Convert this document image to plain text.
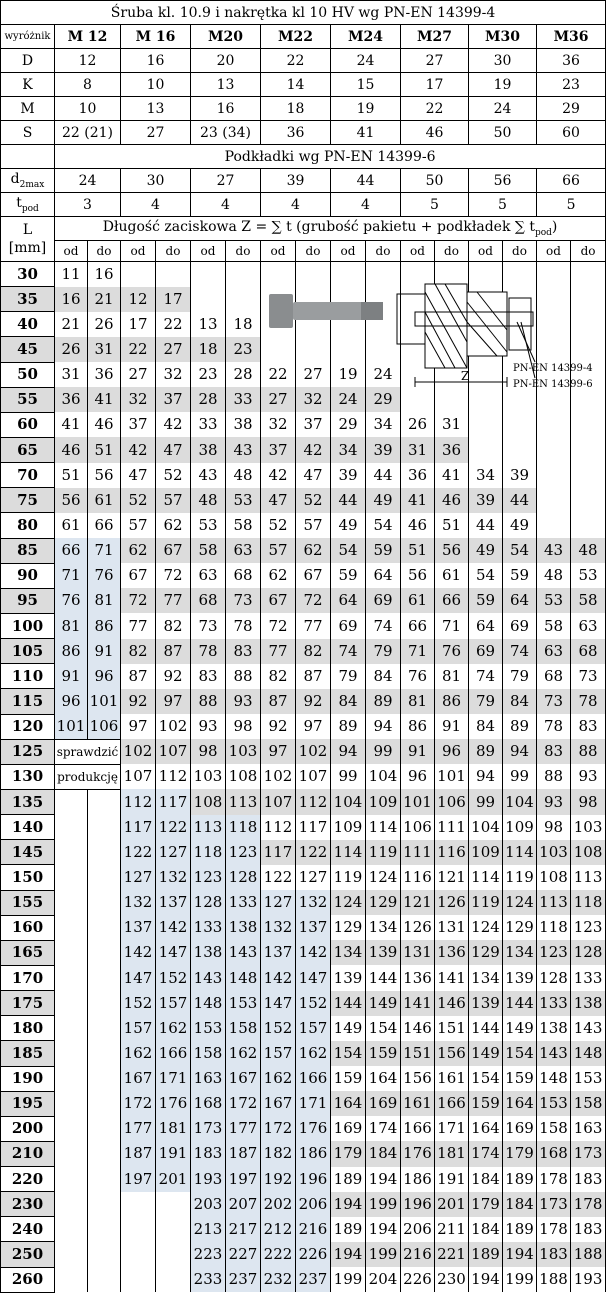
Śruba kl. 10.9 i nakrętka kl 10 HV wg PN-EN 14399-4																
wyróżnik	M 12		M 16		M20		M22		M24		M27		M30		M36	
D	12		16		20		22		24		27		30		36	
K	8		10		13		14		15		17		19		23	
M	10		13		16		18		19		22		24		29	
S	22 (21)		27		23 (34)		36		41		46		50		60	
	Podkładki wg PN-EN 14399-6															
$d_{2max}$	24		30		27		39		44		50		56		66	
$t_{pod}$	3		4		4		4		4		5		5		5	

L
[mm]	Długość zaciskowa Z = ∑ t (grubość pakietu + podkładek ∑ $t_{pod}$)															
	od	do	od	do	od	do	od	do	od	do	od	do	od	do	od	do
30	11	16														
35	16	21	12	17												
40	21	26	17	22	13	18										
45	26	31	22	27	18	23										
50	31	36	27	32	23	28	22	27	19	24						
55	36	41	32	37	28	33	27	32	24	29						
60	41	46	37	42	33	38	32	37	29	34	26	31				
65	46	51	42	47	38	43	37	42	34	39	31	36				
70	51	56	47	52	43	48	42	47	39	44	36	41	34	39		
75	56	61	52	57	48	53	47	52	44	49	41	46	39	44		
80	61	66	57	62	53	58	52	57	49	54	46	51	44	49		
85	66	71	62	67	58	63	57	62	54	59	51	56	49	54	43	48
90	71	76	67	72	63	68	62	67	59	64	56	61	54	59	48	53
95	76	81	72	77	68	73	67	72	64	69	61	66	59	64	53	58
100	81	86	77	82	73	78	72	77	69	74	66	71	64	69	58	63
105	86	91	82	87	78	83	77	82	74	79	71	76	69	74	63	68
110	91	96	87	92	83	88	82	87	79	84	76	81	74	79	68	73
115	96	101	92	97	88	93	87	92	84	89	81	86	79	84	73	78
120	101	106	97	102	93	98	92	97	89	94	86	91	84	89	78	83
125	sprawdzić		102	107	98	103	97	102	94	99	91	96	89	94	83	88
130	produkcję		107	112	103	108	102	107	99	104	96	101	94	99	88	93
135			112	117	108	113	107	112	104	109	101	106	99	104	93	98
140			117	122	113	118	112	117	109	114	106	111	104	109	98	103
145			122	127	118	123	117	122	114	119	111	116	109	114	103	108
150			127	132	123	128	122	127	119	124	116	121	114	119	108	113
155			132	137	128	133	127	132	124	129	121	126	119	124	113	118
160			137	142	133	138	132	137	129	134	126	131	124	129	118	123
165			142	147	138	143	137	142	134	139	131	136	129	134	123	128
170			147	152	143	148	142	147	139	144	136	141	134	139	128	133
175			152	157	148	153	147	152	144	149	141	146	139	144	133	138
180			157	162	153	158	152	157	149	154	146	151	144	149	138	143
185			162	166	158	162	157	162	154	159	151	156	149	154	143	148
190			167	171	163	167	162	166	159	164	156	161	154	159	148	153
195			172	176	168	172	167	171	164	169	161	166	159	164	153	158
200			177	181	173	177	172	176	169	174	166	171	164	169	158	163
210			187	191	183	187	182	186	179	184	176	181	174	179	168	173
220			197	201	193	197	192	196	189	194	186	191	184	189	178	183
230					203	207	202	206	194	199	196	201	179	184	173	178
240					213	217	212	216	189	194	206	211	184	189	178	183
250					223	227	222	226	194	199	216	221	189	194	183	188
260					233	237	232	237	199	204	226	230	194	199	188	193
Z
PN-EN 14399-4
PN-EN 14399-6
